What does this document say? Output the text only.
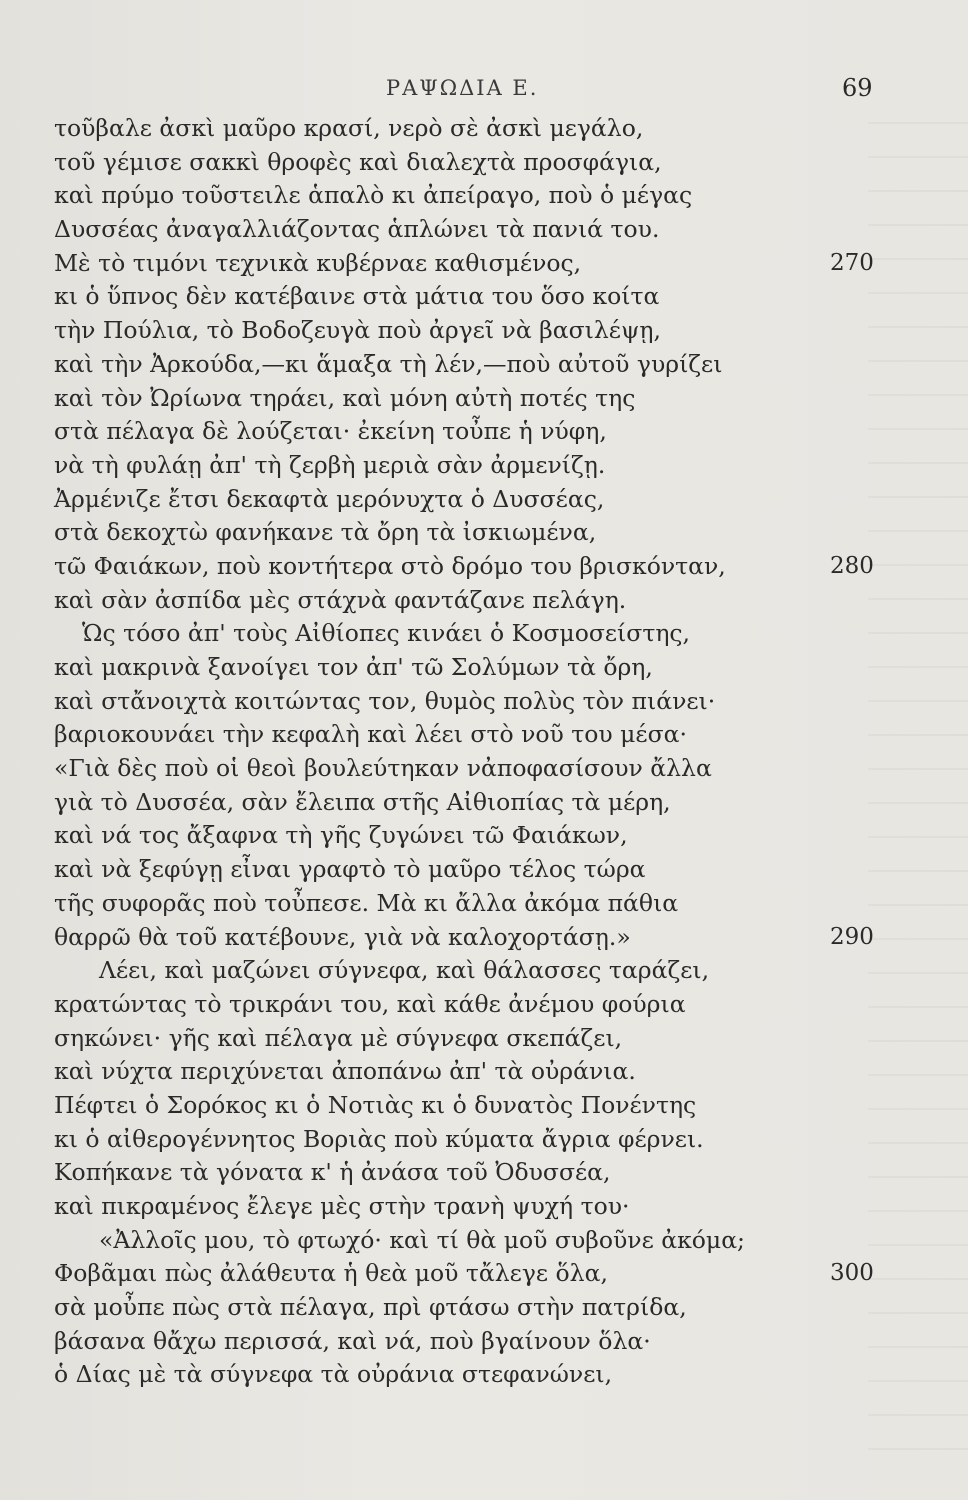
ΡΑΨΩΔΙΑ Ε.	69
τοῦβαλε ἀσκὶ μαῦρο κρασί, νερὸ σὲ ἀσκὶ μεγάλο,
τοῦ γέμισε σακκὶ θροφὲς καὶ διαλεχτὰ προσφάγια,
καὶ πρύμο τοῦστειλε ἁπαλὸ κι ἀπείραγο, ποὺ ὁ μέγας
Δυσσέας ἀναγαλλιάζοντας ἁπλώνει τὰ πανιά του.
Μὲ τὸ τιμόνι τεχνικὰ κυβέρναε καθισμένος,	270
κι ὁ ὕπνος δὲν κατέβαινε στὰ μάτια του ὅσο κοίτα
τὴν Πούλια, τὸ Βοδοζευγὰ ποὺ ἀργεῖ νὰ βασιλέψῃ,
καὶ τὴν Ἀρκούδα,—κι ἅμαξα τὴ λέν,—ποὺ αὐτοῦ γυρίζει
καὶ τὸν Ὠρίωνα τηράει, καὶ μόνη αὐτὴ ποτές της
στὰ πέλαγα δὲ λούζεται· ἐκείνη τοὖπε ἡ νύφη,
νὰ τὴ φυλάῃ ἀπ' τὴ ζερβὴ μεριὰ σὰν ἀρμενίζῃ.
Ἀρμένιζε ἔτσι δεκαφτὰ μερόνυχτα ὁ Δυσσέας,
στὰ δεκοχτὼ φανήκανε τὰ ὄρη τὰ ἰσκιωμένα,
τῶ Φαιάκων, ποὺ κοντήτερα στὸ δρόμο του βρισκόνταν,	280
καὶ σὰν ἀσπίδα μὲς στάχνὰ φαντάζανε πελάγη.
Ὡς τόσο ἀπ' τοὺς Αἰθίοπες κινάει ὁ Κοσμοσείστης,
καὶ μακρινὰ ξανοίγει τον ἀπ' τῶ Σολύμων τὰ ὄρη,
καὶ στἄνοιχτὰ κοιτώντας τον, θυμὸς πολὺς τὸν πιάνει·
βαριοκουνάει τὴν κεφαλὴ καὶ λέει στὸ νοῦ του μέσα·
«Γιὰ δὲς ποὺ οἱ θεοὶ βουλεύτηκαν νἀποφασίσουν ἄλλα
γιὰ τὸ Δυσσέα, σὰν ἔλειπα στῆς Αἰθιοπίας τὰ μέρη,
καὶ νά τος ἄξαφνα τὴ γῆς ζυγώνει τῶ Φαιάκων,
καὶ νὰ ξεφύγῃ εἶναι γραφτὸ τὸ μαῦρο τέλος τώρα
τῆς συφορᾶς ποὺ τοὖπεσε. Μὰ κι ἄλλα ἀκόμα πάθια
θαρρῶ θὰ τοῦ κατέβουνε, γιὰ νὰ καλοχορτάσῃ.»	290
Λέει, καὶ μαζώνει σύγνεφα, καὶ θάλασσες ταράζει,
κρατώντας τὸ τρικράνι του, καὶ κάθε ἀνέμου φούρια
σηκώνει· γῆς καὶ πέλαγα μὲ σύγνεφα σκεπάζει,
καὶ νύχτα περιχύνεται ἀποπάνω ἀπ' τὰ οὐράνια.
Πέφτει ὁ Σορόκος κι ὁ Νοτιὰς κι ὁ δυνατὸς Πονέντης
κι ὁ αἰθερογέννητος Βοριὰς ποὺ κύματα ἄγρια φέρνει.
Κοπήκανε τὰ γόνατα κ' ἡ ἀνάσα τοῦ Ὀδυσσέα,
καὶ πικραμένος ἔλεγε μὲς στὴν τρανὴ ψυχή του·
«Ἀλλοῖς μου, τὸ φτωχό· καὶ τί θὰ μοῦ συβοῦνε ἀκόμα;
Φοβᾶμαι πὼς ἀλάθευτα ἡ θεὰ μοῦ τἄλεγε ὅλα,	300
σὰ μοὖπε πὼς στὰ πέλαγα, πρὶ φτάσω στὴν πατρίδα,
βάσανα θἄχω περισσά, καὶ νά, ποὺ βγαίνουν ὅλα·
ὁ Δίας μὲ τὰ σύγνεφα τὰ οὐράνια στεφανώνει,
